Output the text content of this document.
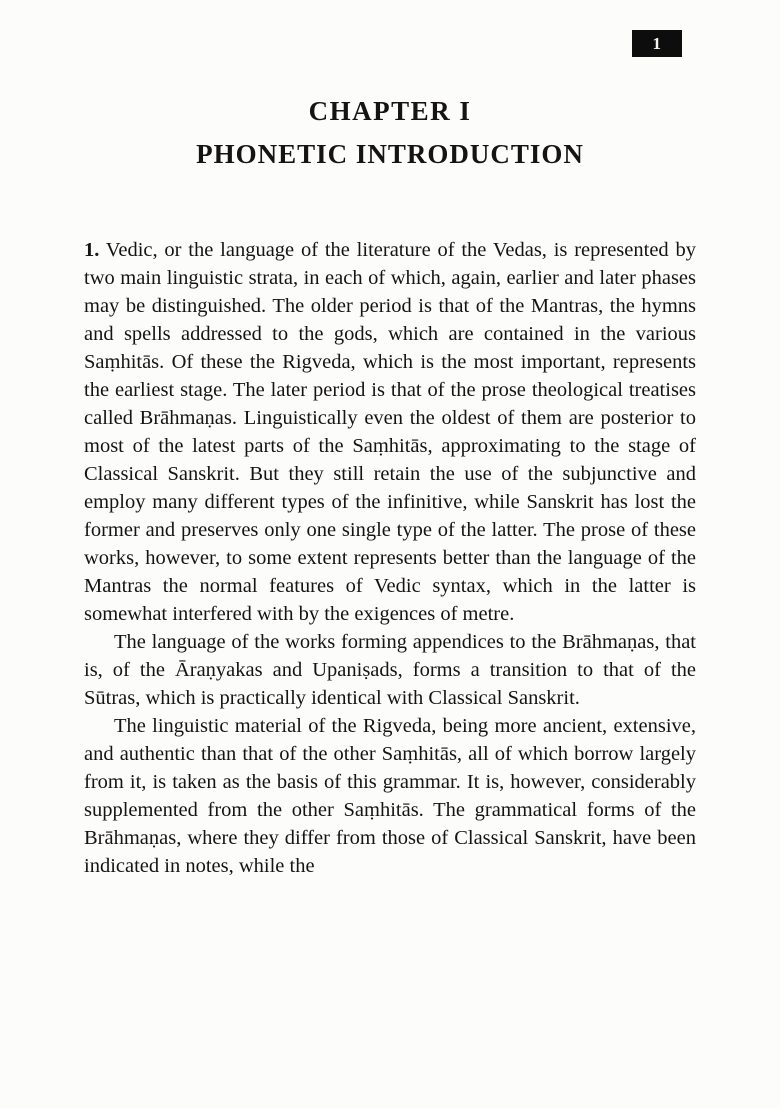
1
CHAPTER I
PHONETIC INTRODUCTION

1. Vedic, or the language of the literature of the Vedas, is represented by two main linguistic strata, in each of which, again, earlier and later phases may be distinguished. The older period is that of the Mantras, the hymns and spells addressed to the gods, which are contained in the various Saṃhitās. Of these the Rigveda, which is the most important, represents the earliest stage. The later period is that of the prose theological treatises called Brāhmaṇas. Linguistically even the oldest of them are posterior to most of the latest parts of the Saṃhitās, approximating to the stage of Classical Sanskrit. But they still retain the use of the subjunctive and employ many different types of the infinitive, while Sanskrit has lost the former and preserves only one single type of the latter. The prose of these works, however, to some extent represents better than the language of the Mantras the normal features of Vedic syntax, which in the latter is somewhat interfered with by the exigences of metre.

The language of the works forming appendices to the Brāhmaṇas, that is, of the Āraṇyakas and Upaniṣads, forms a transition to that of the Sūtras, which is practically identical with Classical Sanskrit.

The linguistic material of the Rigveda, being more ancient, extensive, and authentic than that of the other Saṃhitās, all of which borrow largely from it, is taken as the basis of this grammar. It is, however, considerably supplemented from the other Saṃhitās. The grammatical forms of the Brāhmaṇas, where they differ from those of Classical Sanskrit, have been indicated in notes, while the
